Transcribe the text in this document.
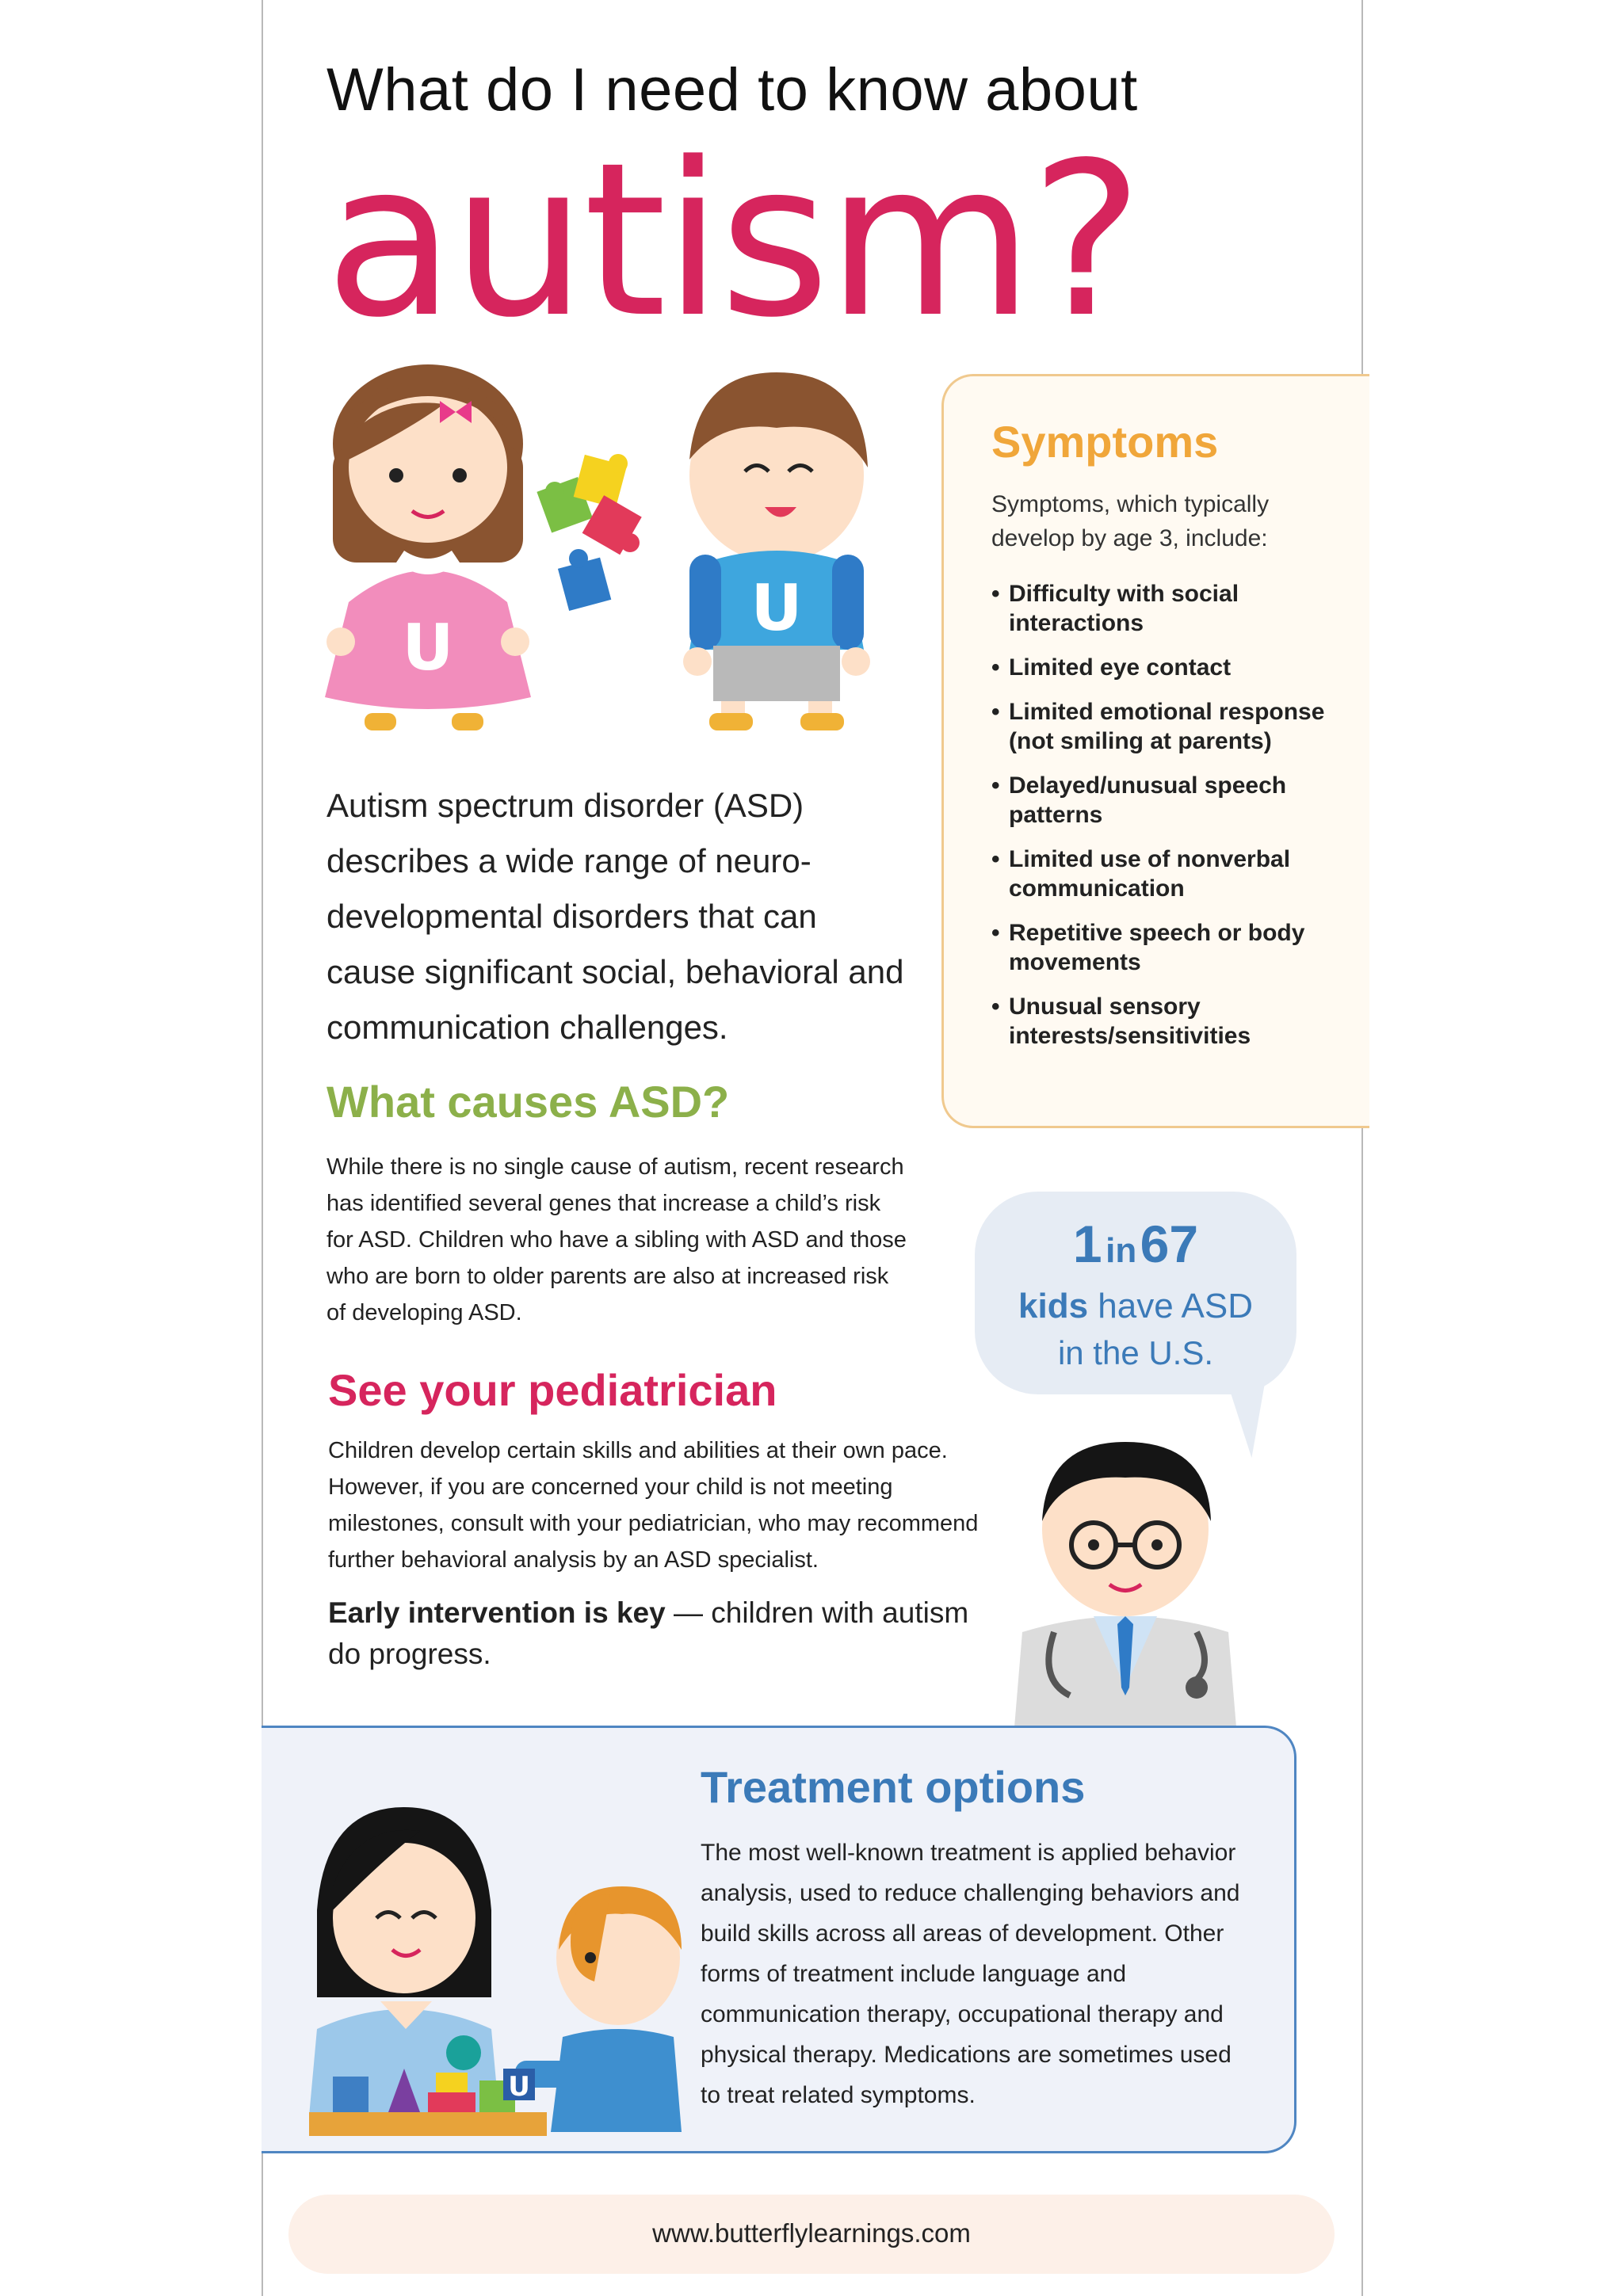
What do I need to know about
autism?
U
U
Symptoms
Symptoms, which typically develop by age 3, include:
• Difficulty with social interactions
• Limited eye contact
• Limited emotional response (not smiling at parents)
• Delayed/unusual speech patterns
• Limited use of nonverbal communication
• Repetitive speech or body movements
• Unusual sensory interests/sensitivities
Autism spectrum disorder (ASD) describes a wide range of neuro-developmental disorders that can cause significant social, behavioral and communication challenges.
What causes ASD?
While there is no single cause of autism, recent research has identified several genes that increase a child’s risk for ASD. Children who have a sibling with ASD and those who are born to older parents are also at increased risk of developing ASD.
1 in 67
kids have ASD
in the U.S.
See your pediatrician
Children develop certain skills and abilities at their own pace. However, if you are concerned your child is not meeting milestones, consult with your pediatrician, who may recommend further behavioral analysis by an ASD specialist.
Early intervention is key — children with autism do progress.
Treatment options
The most well-known treatment is applied behavior analysis, used to reduce challenging behaviors and build skills across all areas of development. Other forms of treatment include language and communication therapy, occupational therapy and physical therapy. Medications are sometimes used to treat related symptoms.
U
www.butterflylearnings.com
